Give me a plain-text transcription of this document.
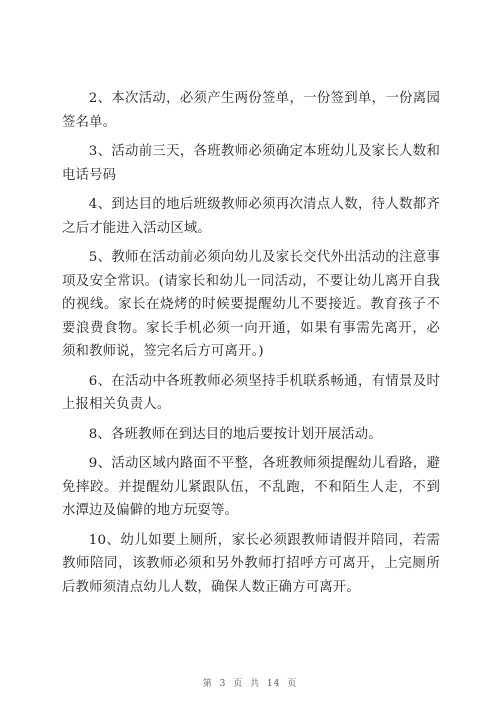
2、本次活动，必须产生两份签单，一份签到单，一份离园签名单。

3、活动前三天，各班教师必须确定本班幼儿及家长人数和电话号码

4、到达目的地后班级教师必须再次清点人数，待人数都齐之后才能进入活动区域。

5、教师在活动前必须向幼儿及家长交代外出活动的注意事项及安全常识。(请家长和幼儿一同活动，不要让幼儿离开自我的视线。家长在烧烤的时候要提醒幼儿不要接近。教育孩子不要浪费食物。家长手机必须一向开通，如果有事需先离开，必须和教师说，签完名后方可离开。)

6、在活动中各班教师必须坚持手机联系畅通，有情景及时上报相关负责人。

8、各班教师在到达目的地后要按计划开展活动。

9、活动区域内路面不平整，各班教师须提醒幼儿看路，避免摔跤。并提醒幼儿紧跟队伍，不乱跑，不和陌生人走，不到水潭边及偏僻的地方玩耍等。

10、幼儿如要上厕所，家长必须跟教师请假并陪同，若需教师陪同，该教师必须和另外教师打招呼方可离开，上完厕所后教师须清点幼儿人数，确保人数正确方可离开。

第 3 页 共 14 页
